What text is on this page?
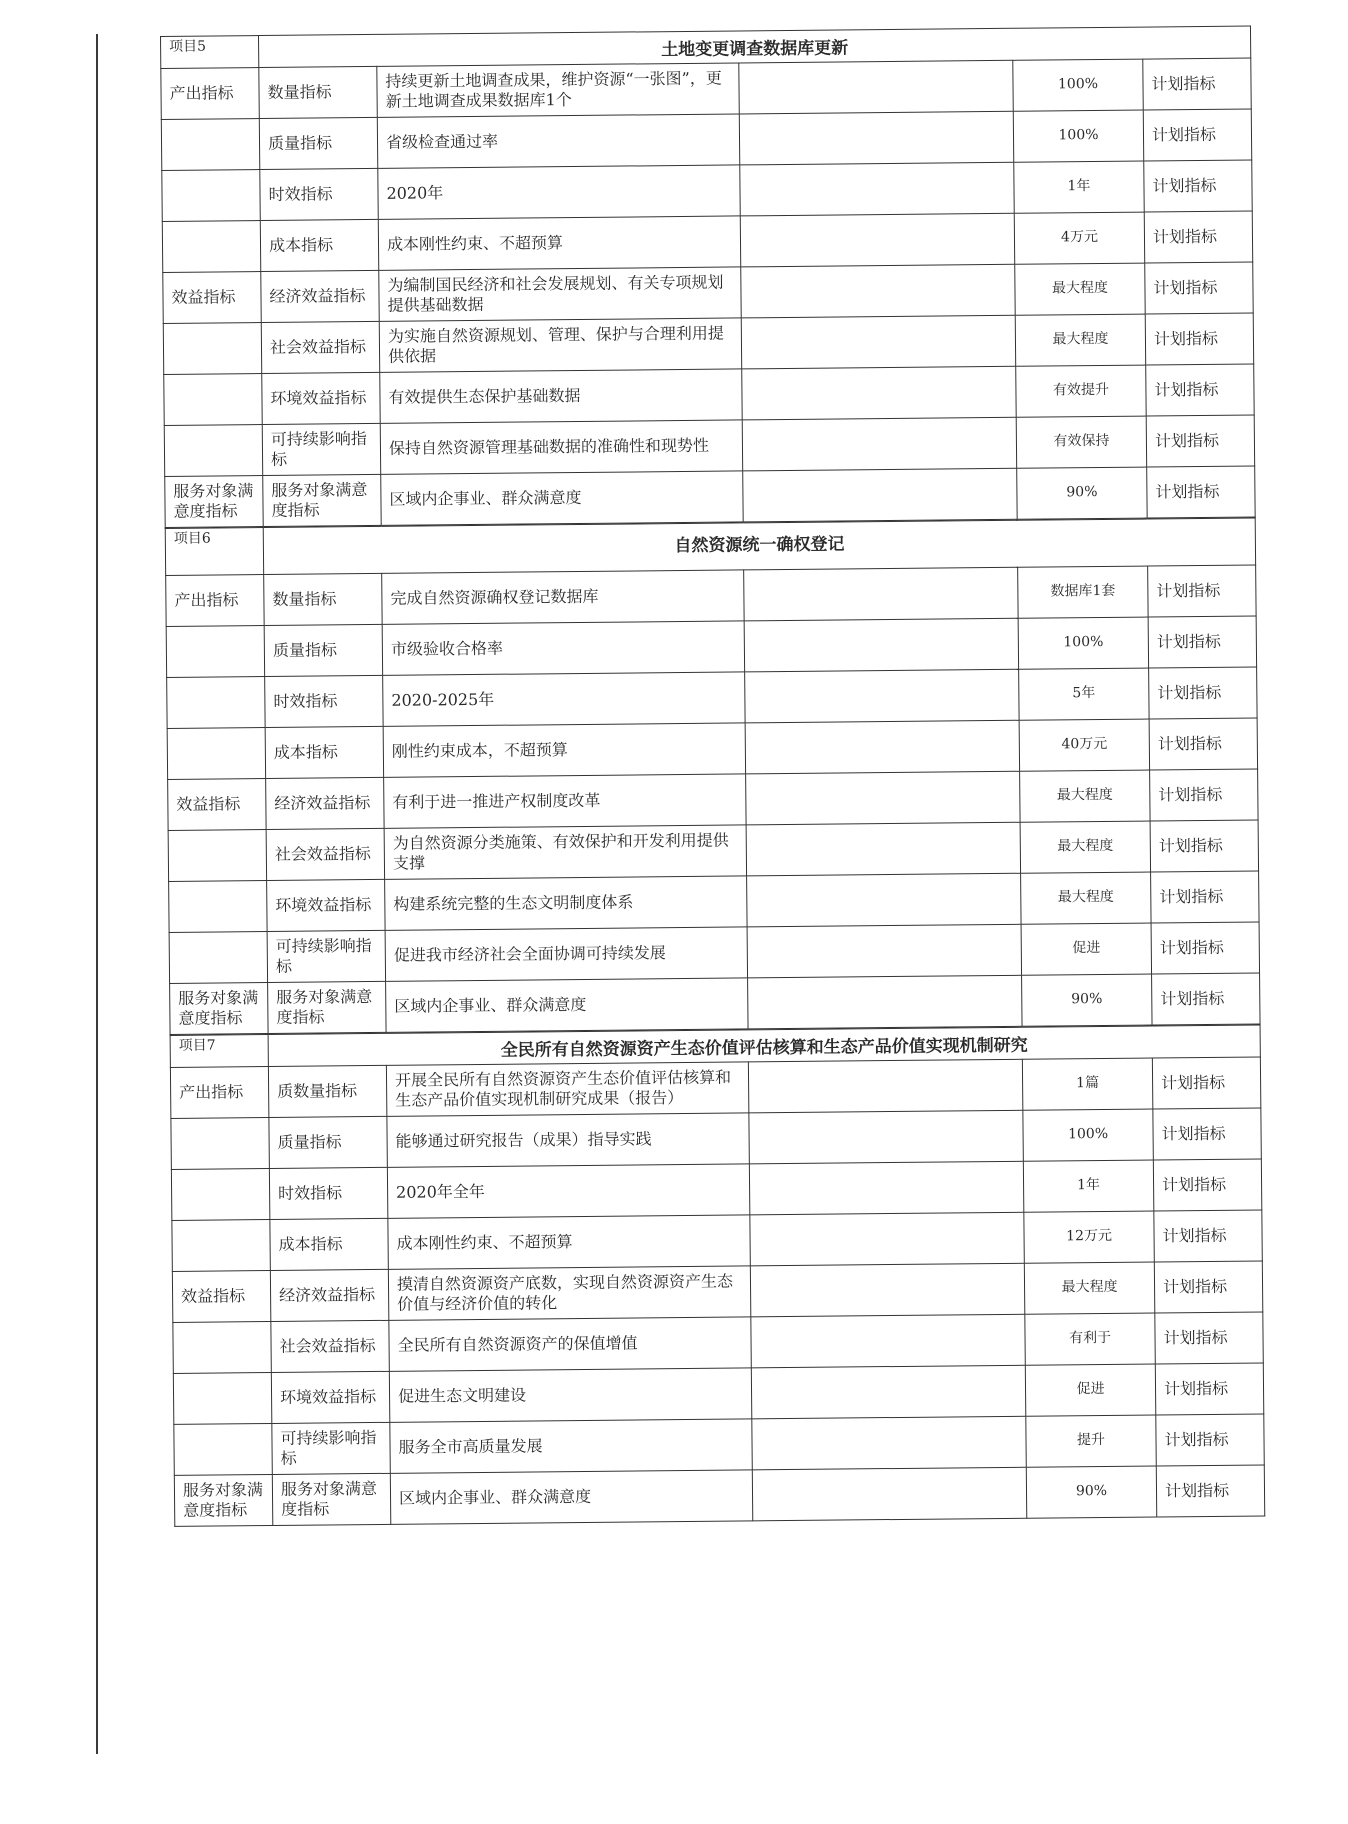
项目5	土地变更调查数据库更新				
产出指标	数量指标	持续更新土地调查成果，维护资源“一张图”，更新土地调查成果数据库1个		100%	计划指标
	质量指标	省级检查通过率		100%	计划指标
	时效指标	2020年		1年	计划指标
	成本指标	成本刚性约束、不超预算		4万元	计划指标
效益指标	经济效益指标	为编制国民经济和社会发展规划、有关专项规划提供基础数据		最大程度	计划指标
	社会效益指标	为实施自然资源规划、管理、保护与合理利用提供依据		最大程度	计划指标
	环境效益指标	有效提供生态保护基础数据		有效提升	计划指标
	可持续影响指标	保持自然资源管理基础数据的准确性和现势性		有效保持	计划指标
服务对象满意度指标	服务对象满意度指标	区域内企事业、群众满意度		90%	计划指标
项目6	自然资源统一确权登记				
产出指标	数量指标	完成自然资源确权登记数据库		数据库1套	计划指标
	质量指标	市级验收合格率		100%	计划指标
	时效指标	2020-2025年		5年	计划指标
	成本指标	刚性约束成本，不超预算		40万元	计划指标
效益指标	经济效益指标	有利于进一推进产权制度改革		最大程度	计划指标
	社会效益指标	为自然资源分类施策、有效保护和开发利用提供支撑		最大程度	计划指标
	环境效益指标	构建系统完整的生态文明制度体系		最大程度	计划指标
	可持续影响指标	促进我市经济社会全面协调可持续发展		促进	计划指标
服务对象满意度指标	服务对象满意度指标	区域内企事业、群众满意度		90%	计划指标
项目7	全民所有自然资源资产生态价值评估核算和生态产品价值实现机制研究				
产出指标	质数量指标	开展全民所有自然资源资产生态价值评估核算和生态产品价值实现机制研究成果（报告）		1篇	计划指标
	质量指标	能够通过研究报告（成果）指导实践		100%	计划指标
	时效指标	2020年全年		1年	计划指标
	成本指标	成本刚性约束、不超预算		12万元	计划指标
效益指标	经济效益指标	摸清自然资源资产底数，实现自然资源资产生态价值与经济价值的转化		最大程度	计划指标
	社会效益指标	全民所有自然资源资产的保值增值		有利于	计划指标
	环境效益指标	促进生态文明建设		促进	计划指标
	可持续影响指标	服务全市高质量发展		提升	计划指标
服务对象满意度指标	服务对象满意度指标	区域内企事业、群众满意度		90%	计划指标
